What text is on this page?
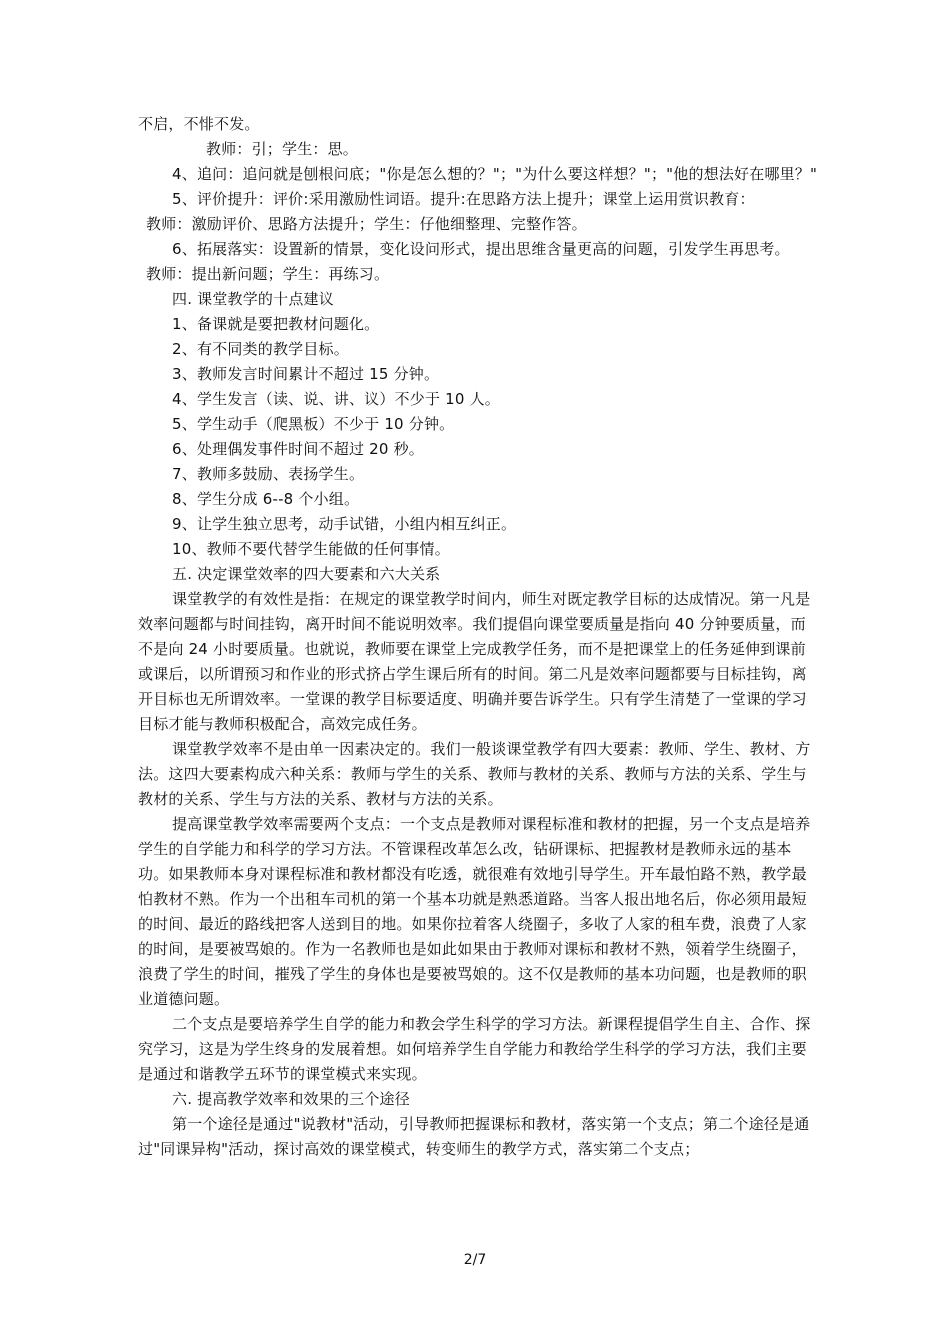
不启，不悱不发。

教师：引；学生：思。

4、追问：追问就是刨根问底；"你是怎么想的？"；"为什么要这样想？"；"他的想法好在哪里？"

5、评价提升：评价:采用激励性词语。提升:在思路方法上提升；课堂上运用赏识教育：

教师：激励评价、思路方法提升；学生：仔他细整理、完整作答。

6、拓展落实：设置新的情景，变化设问形式，提出思维含量更高的问题，引发学生再思考。

教师：提出新问题；学生：再练习。

四. 课堂教学的十点建议

1、备课就是要把教材问题化。

2、有不同类的教学目标。

3、教师发言时间累计不超过 15 分钟。

4、学生发言（读、说、讲、议）不少于 10 人。

5、学生动手（爬黑板）不少于 10 分钟。

6、处理偶发事件时间不超过 20 秒。

7、教师多鼓励、表扬学生。

8、学生分成 6--8 个小组。

9、让学生独立思考，动手试错，小组内相互纠正。

10、教师不要代替学生能做的任何事情。

五. 决定课堂效率的四大要素和六大关系

课堂教学的有效性是指：在规定的课堂教学时间内，师生对既定教学目标的达成情况。第一凡是效率问题都与时间挂钩，离开时间不能说明效率。我们提倡向课堂要质量是指向 40 分钟要质量，而不是向 24 小时要质量。也就说，教师要在课堂上完成教学任务，而不是把课堂上的任务延伸到课前或课后，以所谓预习和作业的形式挤占学生课后所有的时间。第二凡是效率问题都要与目标挂钩，离开目标也无所谓效率。一堂课的教学目标要适度、明确并要告诉学生。只有学生清楚了一堂课的学习目标才能与教师积极配合，高效完成任务。

课堂教学效率不是由单一因素决定的。我们一般谈课堂教学有四大要素：教师、学生、教材、方法。这四大要素构成六种关系：教师与学生的关系、教师与教材的关系、教师与方法的关系、学生与教材的关系、学生与方法的关系、教材与方法的关系。

提高课堂教学效率需要两个支点：一个支点是教师对课程标准和教材的把握，另一个支点是培养学生的自学能力和科学的学习方法。不管课程改革怎么改，钻研课标、把握教材是教师永远的基本功。如果教师本身对课程标准和教材都没有吃透，就很难有效地引导学生。开车最怕路不熟，教学最怕教材不熟。作为一个出租车司机的第一个基本功就是熟悉道路。当客人报出地名后，你必须用最短的时间、最近的路线把客人送到目的地。如果你拉着客人绕圈子，多收了人家的租车费，浪费了人家的时间，是要被骂娘的。作为一名教师也是如此如果由于教师对课标和教材不熟，领着学生绕圈子，浪费了学生的时间，摧残了学生的身体也是要被骂娘的。这不仅是教师的基本功问题，也是教师的职业道德问题。

二个支点是要培养学生自学的能力和教会学生科学的学习方法。新课程提倡学生自主、合作、探究学习，这是为学生终身的发展着想。如何培养学生自学能力和教给学生科学的学习方法，我们主要是通过和谐教学五环节的课堂模式来实现。

六. 提高教学效率和效果的三个途径

第一个途径是通过"说教材"活动，引导教师把握课标和教材，落实第一个支点；第二个途径是通过"同课异构"活动，探讨高效的课堂模式，转变师生的教学方式，落实第二个支点；

2/7
